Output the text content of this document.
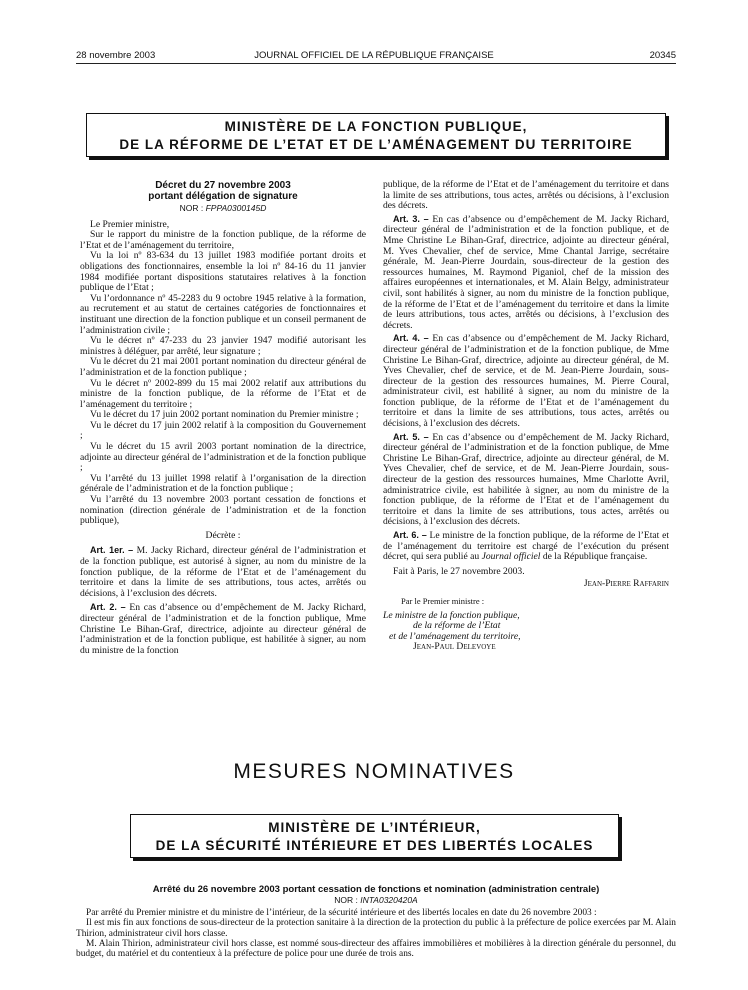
28 novembre 2003	JOURNAL OFFICIEL DE LA RÉPUBLIQUE FRANÇAISE	20345
MINISTÈRE DE LA FONCTION PUBLIQUE,
DE LA RÉFORME DE L’ETAT ET DE L’AMÉNAGEMENT DU TERRITOIRE
Décret du 27 novembre 2003
portant délégation de signature
NOR : FPPA0300145D

Le Premier ministre,

Sur le rapport du ministre de la fonction publique, de la réforme de l’Etat et de l’aménagement du territoire,

Vu la loi nº 83-634 du 13 juillet 1983 modifiée portant droits et obligations des fonctionnaires, ensemble la loi nº 84-16 du 11 janvier 1984 modifiée portant dispositions statutaires relatives à la fonction publique de l’Etat ;

Vu l’ordonnance nº 45-2283 du 9 octobre 1945 relative à la formation, au recrutement et au statut de certaines catégories de fonctionnaires et instituant une direction de la fonction publique et un conseil permanent de l’administration civile ;

Vu le décret nº 47-233 du 23 janvier 1947 modifié autorisant les ministres à déléguer, par arrêté, leur signature ;

Vu le décret du 21 mai 2001 portant nomination du directeur général de l’administration et de la fonction publique ;

Vu le décret nº 2002-899 du 15 mai 2002 relatif aux attributions du ministre de la fonction publique, de la réforme de l’Etat et de l’aménagement du territoire ;

Vu le décret du 17 juin 2002 portant nomination du Premier ministre ;

Vu le décret du 17 juin 2002 relatif à la composition du Gouvernement ;

Vu le décret du 15 avril 2003 portant nomination de la directrice, adjointe au directeur général de l’administration et de la fonction publique ;

Vu l’arrêté du 13 juillet 1998 relatif à l’organisation de la direction générale de l’administration et de la fonction publique ;

Vu l’arrêté du 13 novembre 2003 portant cessation de fonctions et nomination (direction générale de l’administration et de la fonction publique),

Décrète :

Art. 1er. – M. Jacky Richard, directeur général de l’administration et de la fonction publique, est autorisé à signer, au nom du ministre de la fonction publique, de la réforme de l’Etat et de l’aménagement du territoire et dans la limite de ses attributions, tous actes, arrêtés ou décisions, à l’exclusion des décrets.

Art. 2. – En cas d’absence ou d’empêchement de M. Jacky Richard, directeur général de l’administration et de la fonction publique, Mme Christine Le Bihan-Graf, directrice, adjointe au directeur général de l’administration et de la fonction publique, est habilitée à signer, au nom du ministre de la fonction

publique, de la réforme de l’Etat et de l’aménagement du territoire et dans la limite de ses attributions, tous actes, arrêtés ou décisions, à l’exclusion des décrets.

Art. 3. – En cas d’absence ou d’empêchement de M. Jacky Richard, directeur général de l’administration et de la fonction publique, et de Mme Christine Le Bihan-Graf, directrice, adjointe au directeur général, M. Yves Chevalier, chef de service, Mme Chantal Jarrige, secrétaire générale, M. Jean-Pierre Jourdain, sous-directeur de la gestion des ressources humaines, M. Raymond Piganiol, chef de la mission des affaires européennes et internationales, et M. Alain Belgy, administrateur civil, sont habilités à signer, au nom du ministre de la fonction publique, de la réforme de l’Etat et de l’aménagement du territoire et dans la limite de leurs attributions, tous actes, arrêtés ou décisions, à l’exclusion des décrets.

Art. 4. – En cas d’absence ou d’empêchement de M. Jacky Richard, directeur général de l’administration et de la fonction publique, de Mme Christine Le Bihan-Graf, directrice, adjointe au directeur général, de M. Yves Chevalier, chef de service, et de M. Jean-Pierre Jourdain, sous-directeur de la gestion des ressources humaines, M. Pierre Coural, administrateur civil, est habilité à signer, au nom du ministre de la fonction publique, de la réforme de l’Etat et de l’aménagement du territoire et dans la limite de ses attributions, tous actes, arrêtés ou décisions, à l’exclusion des décrets.

Art. 5. – En cas d’absence ou d’empêchement de M. Jacky Richard, directeur général de l’administration et de la fonction publique, de Mme Christine Le Bihan-Graf, directrice, adjointe au directeur général, de M. Yves Chevalier, chef de service, et de M. Jean-Pierre Jourdain, sous-directeur de la gestion des ressources humaines, Mme Charlotte Avril, administratrice civile, est habilitée à signer, au nom du ministre de la fonction publique, de la réforme de l’Etat et de l’aménagement du territoire et dans la limite de ses attributions, tous actes, arrêtés ou décisions, à l’exclusion des décrets.

Art. 6. – Le ministre de la fonction publique, de la réforme de l’Etat et de l’aménagement du territoire est chargé de l’exécution du présent décret, qui sera publié au Journal officiel de la République française.

Fait à Paris, le 27 novembre 2003.

Jean-Pierre Raffarin
Par le Premier ministre :
Le ministre de la fonction publique,
de la réforme de l’Etat
et de l’aménagement du territoire,
Jean-Paul Delevoye
MESURES NOMINATIVES
MINISTÈRE DE L’INTÉRIEUR,
DE LA SÉCURITÉ INTÉRIEURE ET DES LIBERTÉS LOCALES
Arrêté du 26 novembre 2003 portant cessation de fonctions et nomination (administration centrale)
NOR : INTA0320420A

Par arrêté du Premier ministre et du ministre de l’intérieur, de la sécurité intérieure et des libertés locales en date du 26 novembre 2003 :

Il est mis fin aux fonctions de sous-directeur de la protection sanitaire à la direction de la protection du public à la préfecture de police exercées par M. Alain Thirion, administrateur civil hors classe.

M. Alain Thirion, administrateur civil hors classe, est nommé sous-directeur des affaires immobilières et mobilières à la direction générale du personnel, du budget, du matériel et du contentieux à la préfecture de police pour une durée de trois ans.
